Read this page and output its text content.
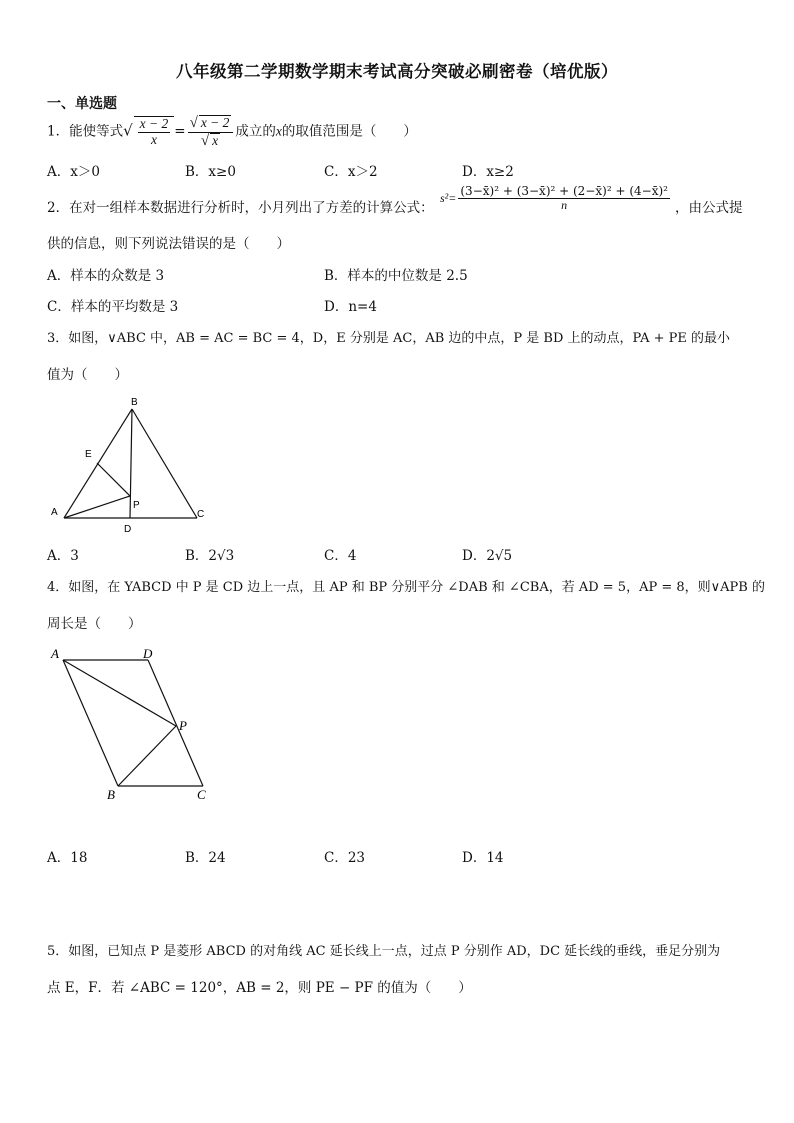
八年级第二学期数学期末考试高分突破必刷密卷（培优版）
一、单选题
1．能使等式√ $\frac{x - 2}{x} = \frac{√ x - 2}{√ x}$ 成立的x的取值范围是（　　）
A．x＞0	B．x≥0	C．x＞2	D．x≥2
2．在对一组样本数据进行分析时，小月列出了方差的计算公式：
$s^2= \frac{\text{(3−x̄)² + (3−x̄)² + (2−x̄)² + (4−x̄)²}}{n}$ ，由公式提
供的信息，则下列说法错误的是（　　）
A．样本的众数是 3	B．样本的中位数是 2.5
C．样本的平均数是 3	D．n=4
3．如图，∨ABC 中，AB = AC = BC = 4，D，E 分别是 AC，AB 边的中点，P 是 BD 上的动点，PA + PE 的最小
值为（　　）
B
E
A
P
C
D
A．3	B．2√3	C．4	D．2√5
4．如图，在 YABCD 中 P 是 CD 边上一点，且 AP 和 BP 分别平分 ∠DAB 和 ∠CBA，若 AD = 5，AP = 8，则∨APB 的
周长是（　　）
A	D
P
B	C
A．18	B．24	C．23	D．14
5．如图，已知点 P 是菱形 ABCD 的对角线 AC 延长线上一点，过点 P 分别作 AD，DC 延长线的垂线，垂足分别为
点 E，F．若 ∠ABC = 120°，AB = 2，则 PE − PF 的值为（　　）
